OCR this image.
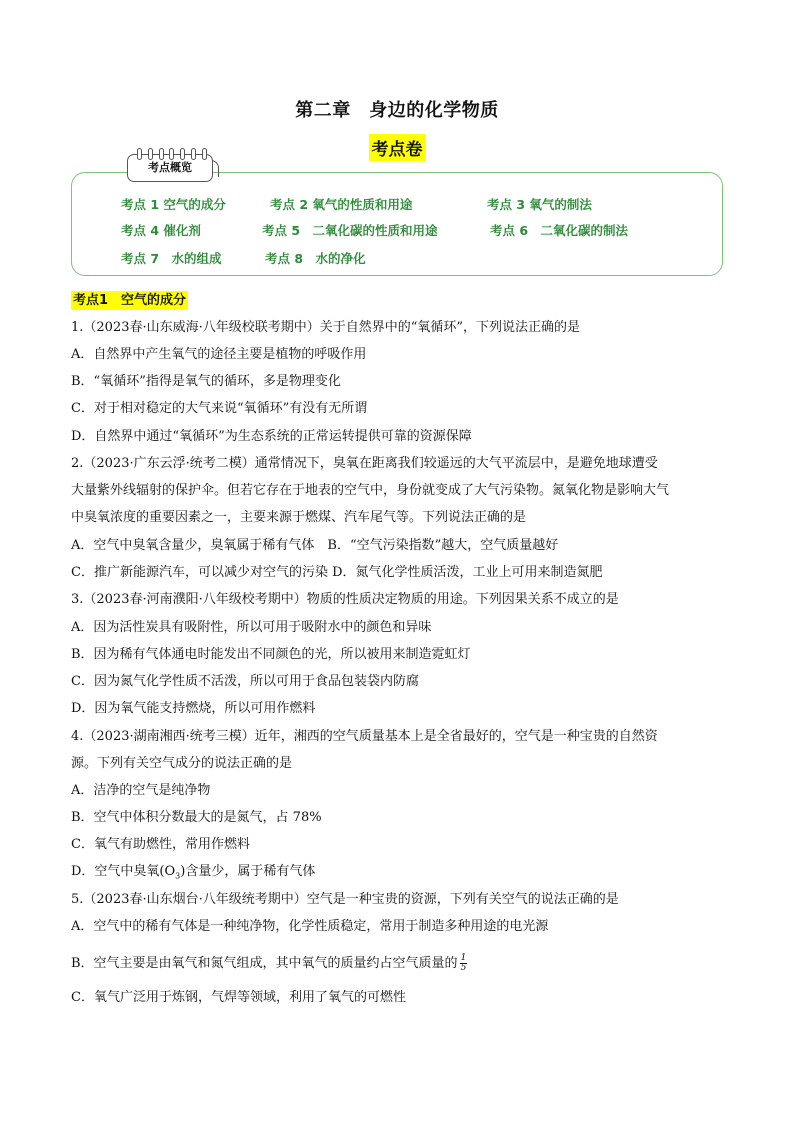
第二章　身边的化学物质
考点卷
考点概览
考点 1 空气的成分	考点 2 氧气的性质和用途	考点 3 氧气的制法
考点 4 催化剂	考点 5　二氧化碳的性质和用途	考点 6　二氧化碳的制法
考点 7　水的组成	考点 8　水的净化
考点1　空气的成分
1.（2023春·山东威海·八年级校联考期中）关于自然界中的“氧循环”，下列说法正确的是
A．自然界中产生氧气的途径主要是植物的呼吸作用
B．“氧循环”指得是氧气的循环，多是物理变化
C．对于相对稳定的大气来说“氧循环”有没有无所谓
D．自然界中通过“氧循环”为生态系统的正常运转提供可靠的资源保障
2.（2023·广东云浮·统考二模）通常情况下，臭氧在距离我们较遥远的大气平流层中，是避免地球遭受
大量紫外线辐射的保护伞。但若它存在于地表的空气中，身份就变成了大气污染物。氮氧化物是影响大气
中臭氧浓度的重要因素之一，主要来源于燃煤、汽车尾气等。下列说法正确的是
A．空气中臭氧含量少，臭氧属于稀有气体　B．“空气污染指数”越大，空气质量越好
C．推广新能源汽车，可以减少对空气的污染 D．氮气化学性质活泼，工业上可用来制造氮肥
3.（2023春·河南濮阳·八年级校考期中）物质的性质决定物质的用途。下列因果关系不成立的是
A．因为活性炭具有吸附性，所以可用于吸附水中的颜色和异味
B．因为稀有气体通电时能发出不同颜色的光，所以被用来制造霓虹灯
C．因为氮气化学性质不活泼，所以可用于食品包装袋内防腐
D．因为氧气能支持燃烧，所以可用作燃料
4.（2023·湖南湘西·统考三模）近年，湘西的空气质量基本上是全省最好的，空气是一种宝贵的自然资
源。下列有关空气成分的说法正确的是
A．洁净的空气是纯净物
B．空气中体积分数最大的是氮气，占 78%
C．氧气有助燃性，常用作燃料
D．空气中臭氧$(O_3)$含量少，属于稀有气体
5.（2023春·山东烟台·八年级统考期中）空气是一种宝贵的资源，下列有关空气的说法正确的是
A．空气中的稀有气体是一种纯净物，化学性质稳定，常用于制造多种用途的电光源
B．空气主要是由氧气和氮气组成，其中氧气的质量约占空气质量的 $\frac{1}{5}$
C．氧气广泛用于炼钢，气焊等领域，利用了氧气的可燃性
